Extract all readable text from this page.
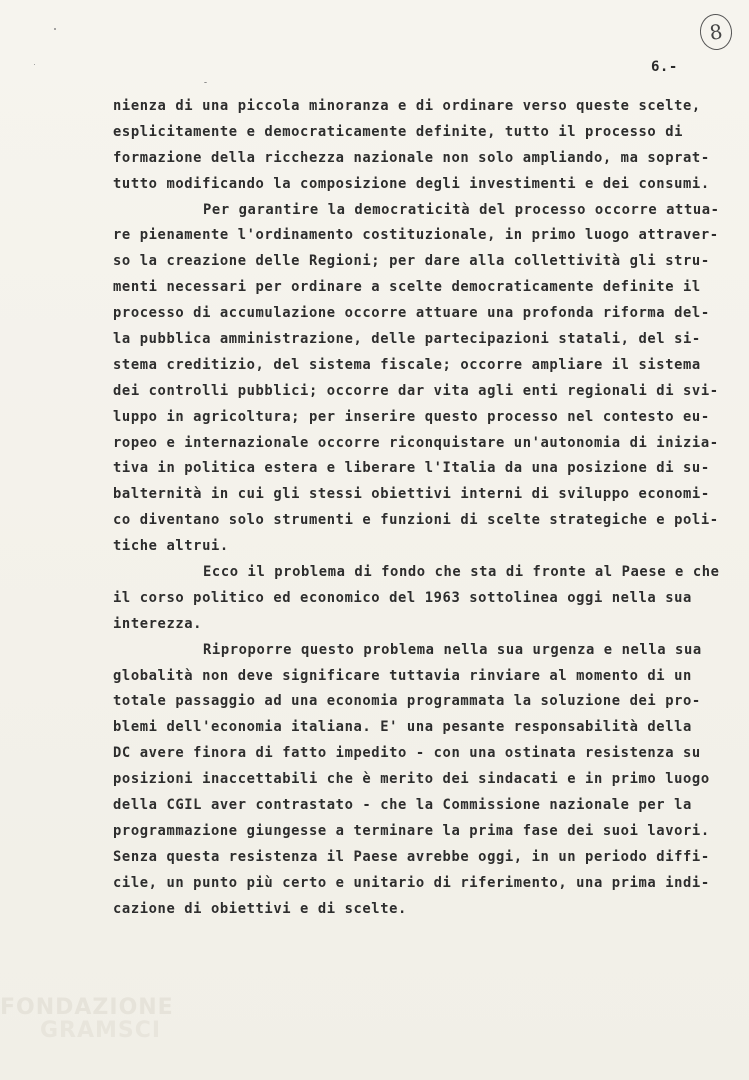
8
6.-
nienza di una piccola minoranza e di ordinare verso queste scelte,
esplicitamente e democraticamente definite, tutto il processo di
formazione della ricchezza nazionale non solo ampliando, ma soprat-
tutto modificando la composizione degli investimenti e dei consumi.
Per garantire la democraticità del processo occorre attua-
re pienamente l'ordinamento costituzionale, in primo luogo attraver-
so la creazione delle Regioni; per dare alla collettività gli stru-
menti necessari per ordinare a scelte democraticamente definite il
processo di accumulazione occorre attuare una profonda riforma del-
la pubblica amministrazione, delle partecipazioni statali, del si-
stema creditizio, del sistema fiscale; occorre ampliare il sistema
dei controlli pubblici; occorre dar vita agli enti regionali di svi-
luppo in agricoltura; per inserire questo processo nel contesto eu-
ropeo e internazionale occorre riconquistare un'autonomia di inizia-
tiva in politica estera e liberare l'Italia da una posizione di su-
balternità in cui gli stessi obiettivi interni di sviluppo economi-
co diventano solo strumenti e funzioni di scelte strategiche e poli-
tiche altrui.
Ecco il problema di fondo che sta di fronte al Paese e che
il corso politico ed economico del 1963 sottolinea oggi nella sua
interezza.
Riproporre questo problema nella sua urgenza e nella sua
globalità non deve significare tuttavia rinviare al momento di un
totale passaggio ad una economia programmata la soluzione dei pro-
blemi dell'economia italiana. E' una pesante responsabilità della
DC avere finora di fatto impedito - con una ostinata resistenza su
posizioni inaccettabili che è merito dei sindacati e in primo luogo
della CGIL aver contrastato - che la Commissione nazionale per la
programmazione giungesse a terminare la prima fase dei suoi lavori.
Senza questa resistenza il Paese avrebbe oggi, in un periodo diffi-
cile, un punto più certo e unitario di riferimento, una prima indi-
cazione di obiettivi e di scelte.
FONDAZIONE
GRAMSCI
